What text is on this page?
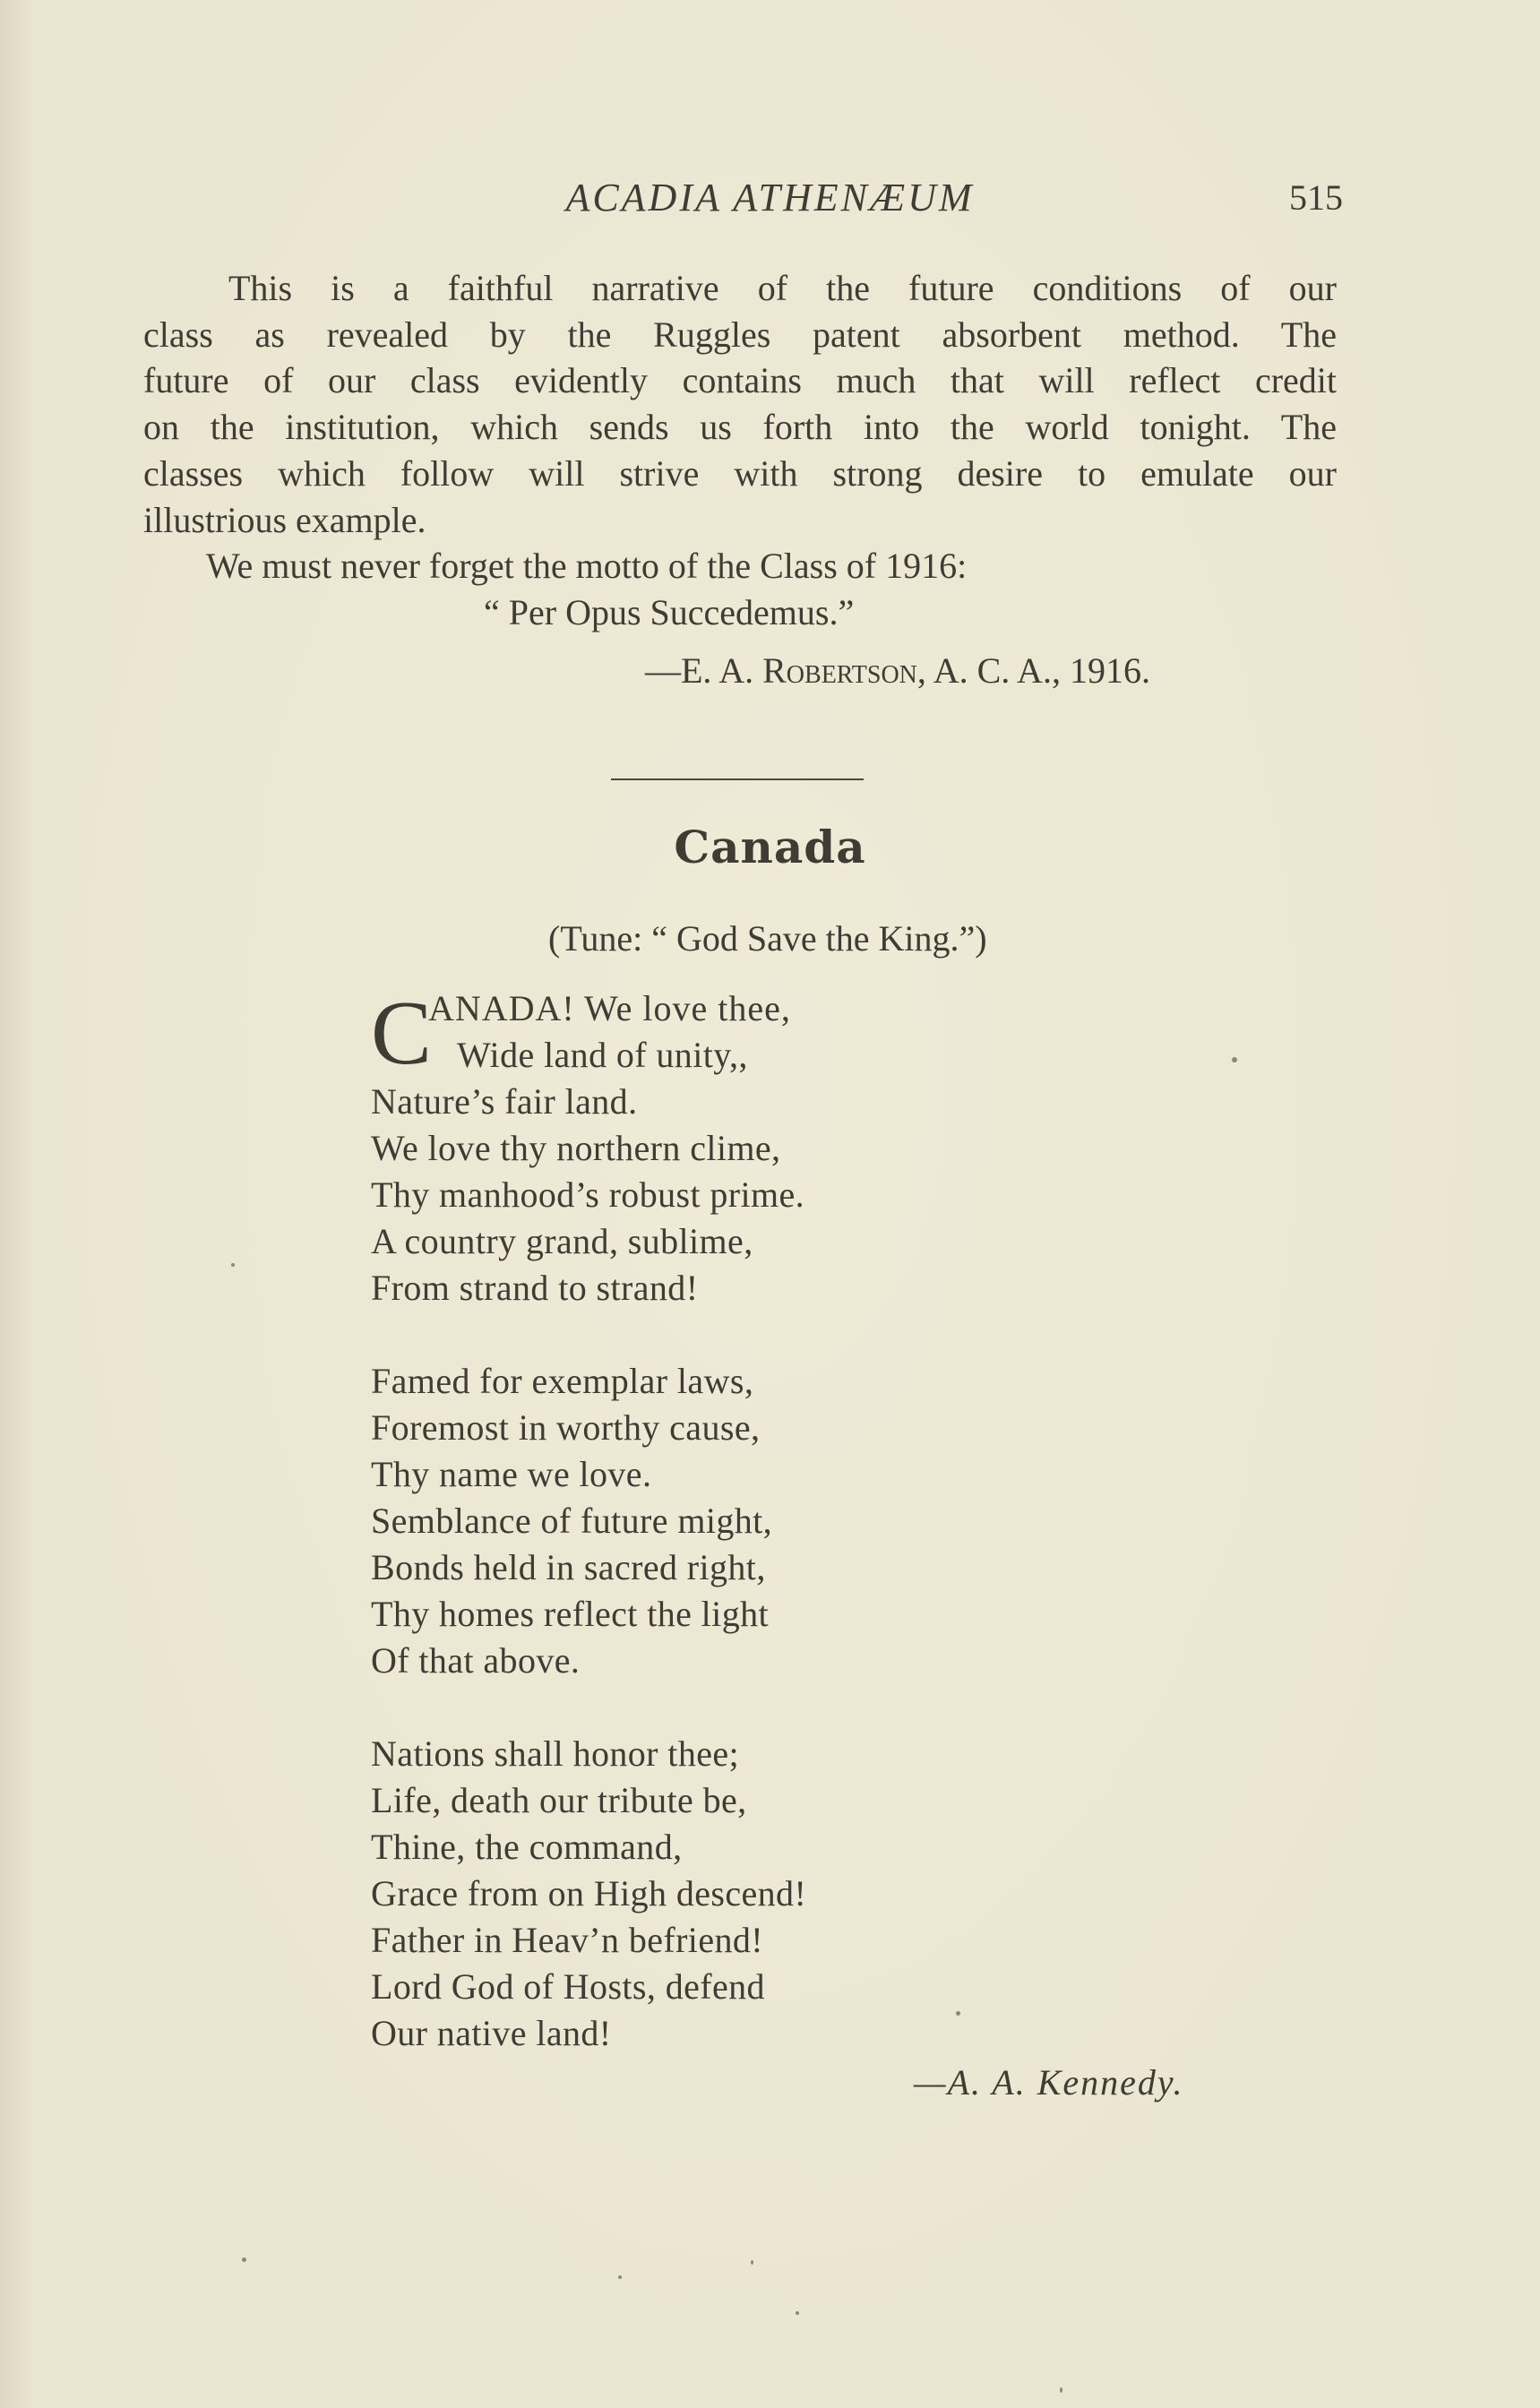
ACADIA ATHENÆUM	515

This is a faithful narrative of the future conditions of our
class as revealed by the Ruggles patent absorbent method. The
future of our class evidently contains much that will reflect credit
on the institution, which sends us forth into the world tonight. The
classes which follow will strive with strong desire to emulate our
illustrious example.

We must never forget the motto of the Class of 1916:

“ Per Opus Succedemus.”

—E. A. Robertson, A. C. A., 1916.

Canada

(Tune: “ God Save the King.”)

C
ANADA! We love thee,
Wide land of unity,,
Nature’s fair land.
We love thy northern clime,
Thy manhood’s robust prime.
A country grand, sublime,
From strand to strand!
Famed for exemplar laws,
Foremost in worthy cause,
Thy name we love.
Semblance of future might,
Bonds held in sacred right,
Thy homes reflect the light
Of that above.
Nations shall honor thee;
Life, death our tribute be,
Thine, the command,
Grace from on High descend!
Father in Heav’n befriend!
Lord God of Hosts, defend
Our native land!

—A. A. Kennedy.
